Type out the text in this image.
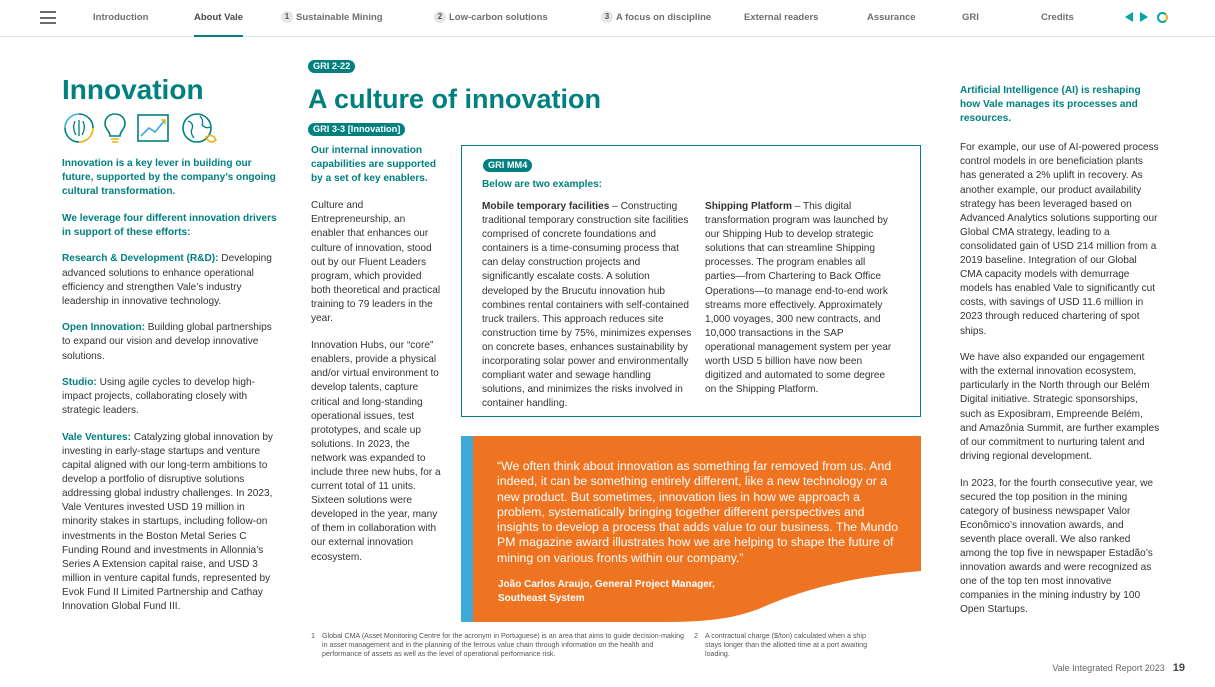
Introduction	About Vale	1 Sustainable Mining	2 Low-carbon solutions	3 A focus on discipline	External readers	Assurance	GRI	Credits
Innovation

Innovation is a key lever in building our future, supported by the company’s ongoing cultural transformation.

We leverage four different innovation drivers in support of these efforts:

Research & Development (R&D): Developing advanced solutions to enhance operational efficiency and strengthen Vale’s industry leadership in innovative technology.

Open Innovation: Building global partnerships to expand our vision and develop innovative solutions.

Studio: Using agile cycles to develop high-impact projects, collaborating closely with strategic leaders.

Vale Ventures: Catalyzing global innovation by investing in early-stage startups and venture capital aligned with our long-term ambitions to develop a portfolio of disruptive solutions addressing global industry challenges. In 2023, Vale Ventures invested USD 19 million in minority stakes in startups, including follow-on investments in the Boston Metal Series C Funding Round and investments in Allonnia’s Series A Extension capital raise, and USD 3 million in venture capital funds, represented by Evok Fund II Limited Partnership and Cathay Innovation Global Fund III.

GRI 2-22
A culture of innovation
GRI 3-3 [Innovation]

Our internal innovation capabilities are supported by a set of key enablers.

Culture and Entrepreneurship, an enabler that enhances our culture of innovation, stood out by our Fluent Leaders program, which provided both theoretical and practical training to 79 leaders in the year.

Innovation Hubs, our “core” enablers, provide a physical and/or virtual environment to develop talents, capture critical and long-standing operational issues, test prototypes, and scale up solutions. In 2023, the network was expanded to include three new hubs, for a current total of 11 units. Sixteen solutions were developed in the year, many of them in collaboration with our external innovation ecosystem.

GRI MM4
Below are two examples:
Mobile temporary facilities – Constructing traditional temporary construction site facilities comprised of concrete foundations and containers is a time-consuming process that can delay construction projects and significantly escalate costs. A solution developed by the Brucutu innovation hub combines rental containers with self-contained truck trailers. This approach reduces site construction time by 75%, minimizes expenses on concrete bases, enhances sustainability by incorporating solar power and environmentally compliant water and sewage handling solutions, and minimizes the risks involved in container handling.
Shipping Platform – This digital transformation program was launched by our Shipping Hub to develop strategic solutions that can streamline Shipping processes. The program enables all parties—from Chartering to Back Office Operations—to manage end-to-end work streams more effectively. Approximately 1,000 voyages, 300 new contracts, and 10,000 transactions in the SAP operational management system per year worth USD 5 billion have now been digitized and automated to some degree on the Shipping Platform.
“We often think about innovation as something far removed from us. And indeed, it can be something entirely different, like a new technology or a new product. But sometimes, innovation lies in how we approach a problem, systematically bringing together different perspectives and insights to develop a process that adds value to our business. The Mundo PM magazine award illustrates how we are helping to shape the future of mining on various fronts within our company.”
João Carlos Araujo, General Project Manager,
Southeast System
1 Global CMA (Asset Monitoring Centre for the acronym in Portuguese) is an area that aims to guide decision-making in asset management and in the planning of the ferrous value chain through information on the health and performance of assets as well as the level of operational performance risk.
2 A contractual charge ($/ton) calculated when a ship stays longer than the allotted time at a port awaiting loading.

Artificial Intelligence (AI) is reshaping how Vale manages its processes and resources.

For example, our use of AI-powered process control models in ore beneficiation plants has generated a 2% uplift in recovery. As another example, our product availability strategy has been leveraged based on Advanced Analytics solutions supporting our Global CMA strategy, leading to a consolidated gain of USD 214 million from a 2019 baseline. Integration of our Global CMA capacity models with demurrage models has enabled Vale to significantly cut costs, with savings of USD 11.6 million in 2023 through reduced chartering of spot ships.

We have also expanded our engagement with the external innovation ecosystem, particularly in the North through our Belém Digital initiative. Strategic sponsorships, such as Exposibram, Empreende Belém, and Amazônia Summit, are further examples of our commitment to nurturing talent and driving regional development.

In 2023, for the fourth consecutive year, we secured the top position in the mining category of business newspaper Valor Econômico’s innovation awards, and seventh place overall. We also ranked among the top five in newspaper Estadão’s innovation awards and were recognized as one of the top ten most innovative companies in the mining industry by 100 Open Startups.

Vale Integrated Report 2023 19
